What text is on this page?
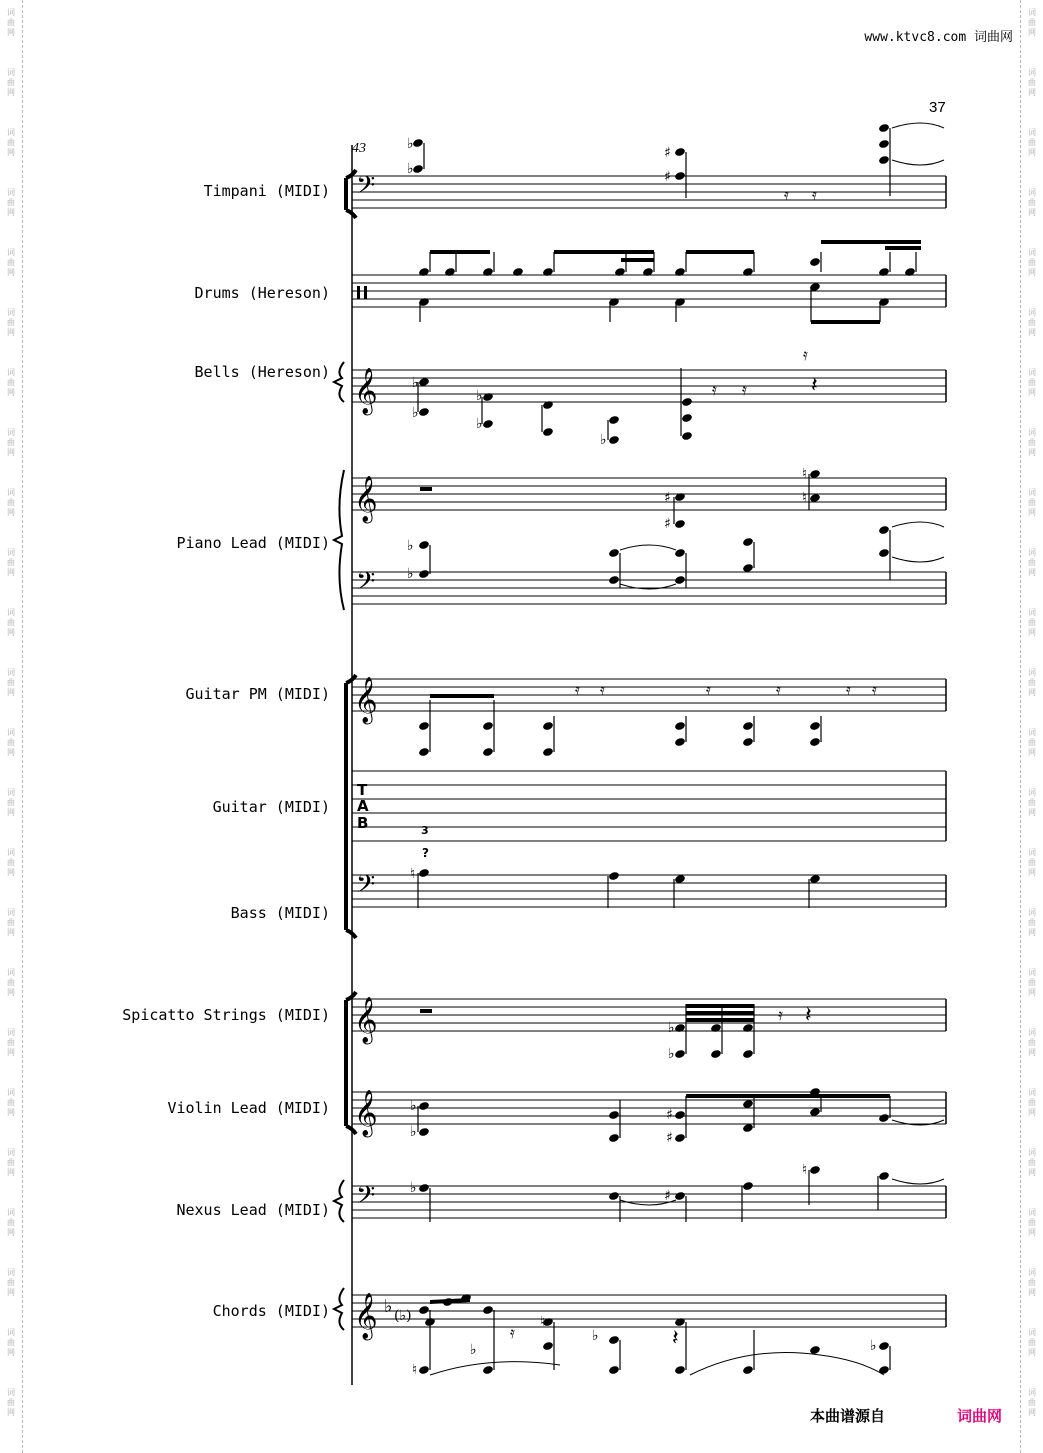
词
曲
网
词
曲
网
词
曲
网
词
曲
网
词
曲
网
词
曲
网
词
曲
网
词
曲
网
词
曲
网
词
曲
网
词
曲
网
词
曲
网
词
曲
网
词
曲
网
词
曲
网
词
曲
网
词
曲
网
词
曲
网
词
曲
网
词
曲
网
词
曲
网
词
曲
网
词
曲
网
词
曲
网
词
曲
网
词
曲
网
词
曲
网
词
曲
网
词
曲
网
词
曲
网
词
曲
网
词
曲
网
词
曲
网
词
曲
网
词
曲
网
词
曲
网
词
曲
网
词
曲
网
词
曲
网
词
曲
网
词
曲
网
词
曲
网
词
曲
网
词
曲
网
词
曲
网
词
曲
网
词
曲
网
词
曲
网
www.ktvc8.com 词曲网
37
43
Timpani (MIDI)
Drums (Hereson)
Bells (Hereson)
Piano Lead (MIDI)
Guitar PM (MIDI)
Guitar (MIDI)
Bass (MIDI)
Spicatto Strings (MIDI)
Violin Lead (MIDI)
Nexus Lead (MIDI)
Chords (MIDI)
T
A
B	3
?
𝄞
𝄞
𝄞
𝄞
𝄞
𝄞
𝄢
𝄢
𝄢
𝄢
♭ (♭)
♭
♭
♯
♯
𝄿 𝄿
♭
♭
♭
♭
♭
𝄿 𝄿
𝄿
𝄽
♯
♯
♮
♮
♭
♭
𝄿 𝄿	𝄿	𝄿	𝄿 𝄿
♮
♭
♭
𝄿 𝄽
♭
♭
♯
♯
♭	♯
♮
𝄿	𝄽
♮
♭
♭
♮
♭
本曲谱源自	词曲网
